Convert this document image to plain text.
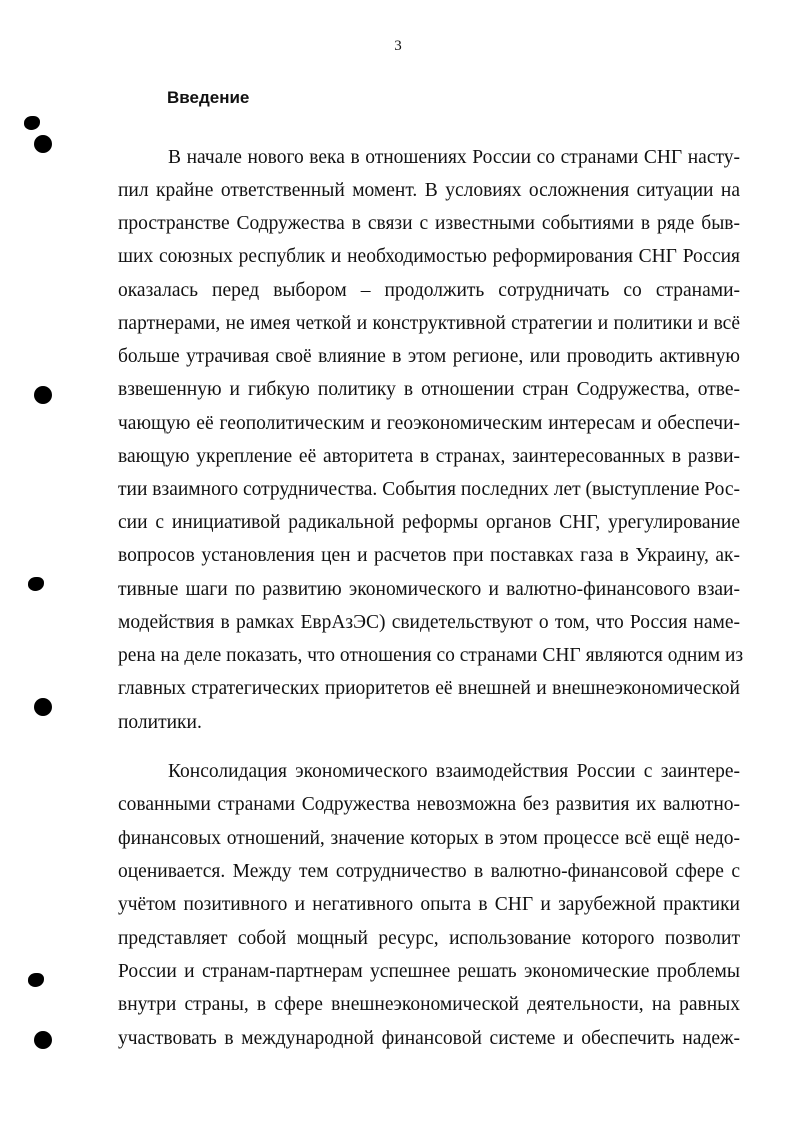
3
Введение
В начале нового века в отношениях России со странами СНГ насту-
пил крайне ответственный момент. В условиях осложнения ситуации на
пространстве Содружества в связи с известными событиями в ряде быв-
ших союзных республик и необходимостью реформирования СНГ Россия
оказалась перед выбором – продолжить сотрудничать со странами-
партнерами, не имея четкой и конструктивной стратегии и политики и всё
больше утрачивая своё влияние в этом регионе, или проводить активную
взвешенную и гибкую политику в отношении стран Содружества, отве-
чающую её геополитическим и геоэкономическим интересам и обеспечи-
вающую укрепление её авторитета в странах, заинтересованных в разви-
тии взаимного сотрудничества. События последних лет (выступление Рос-
сии с инициативой радикальной реформы органов СНГ, урегулирование
вопросов установления цен и расчетов при поставках газа в Украину, ак-
тивные шаги по развитию экономического и валютно-финансового взаи-
модействия в рамках ЕврАзЭС) свидетельствуют о том, что Россия наме-
рена на деле показать, что отношения со странами СНГ являются одним из
главных стратегических приоритетов её внешней и внешнеэкономической
политики.
Консолидация экономического взаимодействия России с заинтере-
сованными странами Содружества невозможна без развития их валютно-
финансовых отношений, значение которых в этом процессе всё ещё недо-
оценивается. Между тем сотрудничество в валютно-финансовой сфере с
учётом позитивного и негативного опыта в СНГ и зарубежной практики
представляет собой мощный ресурс, использование которого позволит
России и странам-партнерам успешнее решать экономические проблемы
внутри страны, в сфере внешнеэкономической деятельности, на равных
участвовать в международной финансовой системе и обеспечить надеж-
